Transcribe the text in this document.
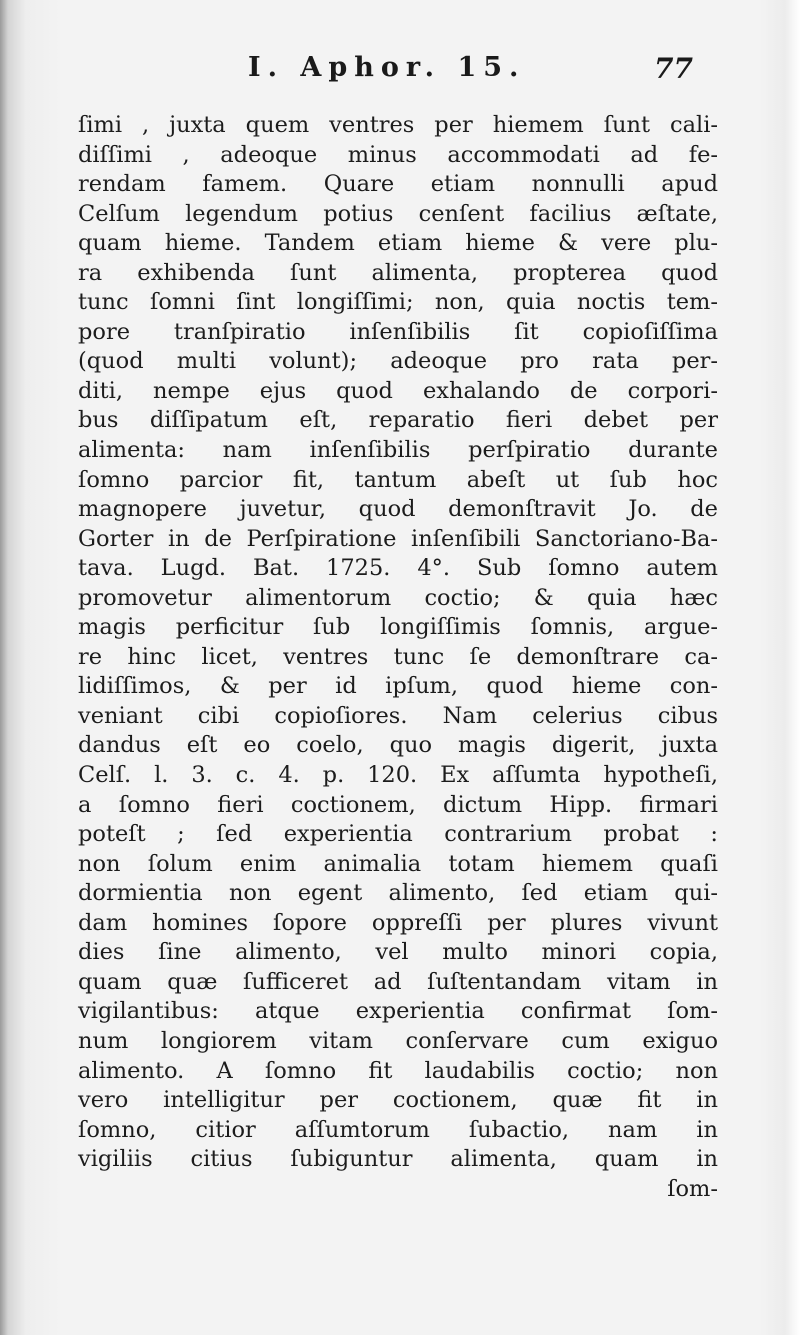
I. Aphor. 15.	77
ſimi , juxta quem ventres per hiemem ſunt cali-
diſſimi , adeoque minus accommodati ad fe-
rendam famem. Quare etiam nonnulli apud
Celſum legendum potius cenſent facilius æſtate,
quam hieme. Tandem etiam hieme & vere plu-
ra exhibenda ſunt alimenta, propterea quod
tunc ſomni ſint longiſſimi; non, quia noctis tem-
pore tranſpiratio inſenſibilis ſit copioſiſſima
(quod multi volunt); adeoque pro rata per-
diti, nempe ejus quod exhalando de corpori-
bus diſſipatum eſt, reparatio fieri debet per
alimenta: nam inſenſibilis perſpiratio durante
ſomno parcior fit, tantum abeſt ut ſub hoc
magnopere juvetur, quod demonſtravit Jo. de
Gorter in de Perſpiratione inſenſibili Sanctoriano-Ba-
tava. Lugd. Bat. 1725. 4°. Sub ſomno autem
promovetur alimentorum coctio; & quia hæc
magis perficitur ſub longiſſimis ſomnis, argue-
re hinc licet, ventres tunc ſe demonſtrare ca-
lidiſſimos, & per id ipſum, quod hieme con-
veniant cibi copioſiores. Nam celerius cibus
dandus eſt eo coelo, quo magis digerit, juxta
Celſ. l. 3. c. 4. p. 120. Ex aſſumta hypotheſi,
a ſomno fieri coctionem, dictum Hipp. firmari
poteſt ; ſed experientia contrarium probat :
non ſolum enim animalia totam hiemem quaſi
dormientia non egent alimento, ſed etiam qui-
dam homines ſopore oppreſſi per plures vivunt
dies ſine alimento, vel multo minori copia,
quam quæ ſufficeret ad ſuſtentandam vitam in
vigilantibus: atque experientia confirmat ſom-
num longiorem vitam conſervare cum exiguo
alimento. A ſomno fit laudabilis coctio; non
vero intelligitur per coctionem, quæ fit in
ſomno, citior aſſumtorum ſubactio, nam in
vigiliis citius ſubiguntur alimenta, quam in
ſom-
